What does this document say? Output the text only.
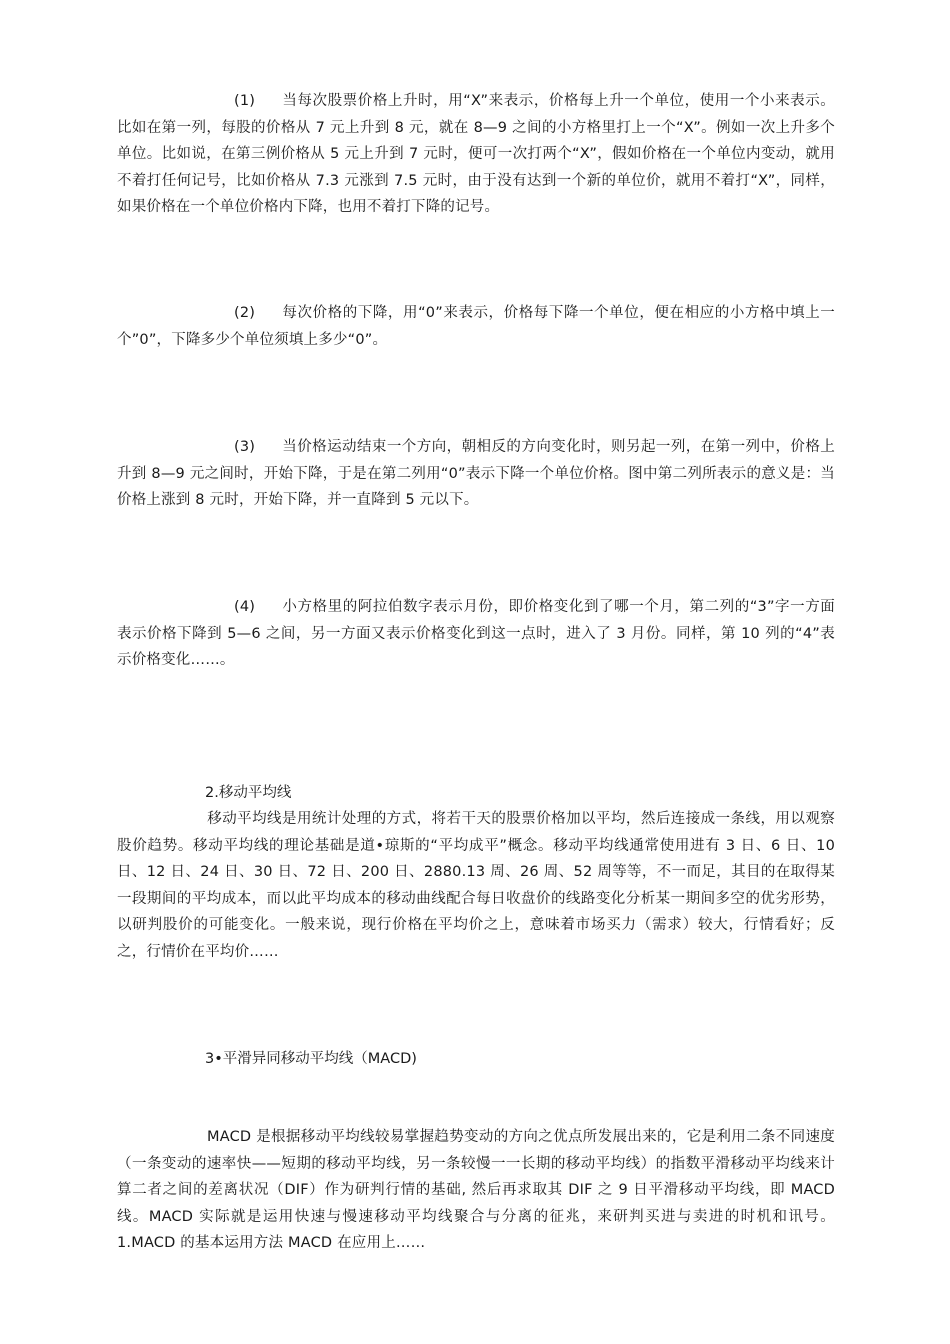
(1) 当每次股票价格上升时，用“X”来表示，价格每上升一个单位，使用一个小来表示。比如在第一列，每股的价格从 7 元上升到 8 元，就在 8—9 之间的小方格里打上一个“X”。例如一次上升多个单位。比如说，在第三例价格从 5 元上升到 7 元时，便可一次打两个“X”，假如价格在一个单位内变动，就用不着打任何记号，比如价格从 7.3 元涨到 7.5 元时，由于没有达到一个新的单位价，就用不着打“X”，同样，如果价格在一个单位价格内下降，也用不着打下降的记号。

(2) 每次价格的下降，用“0”来表示，价格每下降一个单位，便在相应的小方格中填上一个”0”，下降多少个单位须填上多少“0”。

(3) 当价格运动结束一个方向，朝相反的方向变化时，则另起一列，在第一列中，价格上升到 8—9 元之间时，开始下降，于是在第二列用“0”表示下降一个单位价格。图中第二列所表示的意义是：当价格上涨到 8 元时，开始下降，并一直降到 5 元以下。

(4) 小方格里的阿拉伯数字表示月份，即价格变化到了哪一个月，第二列的“3”字一方面表示价格下降到 5—6 之间，另一方面又表示价格变化到这一点时，进入了 3 月份。同样，第 10 列的“4”表示价格变化……。

2.移动平均线

移动平均线是用统计处理的方式，将若干天的股票价格加以平均，然后连接成一条线，用以观察股价趋势。移动平均线的理论基础是道•琼斯的“平均成平”概念。移动平均线通常使用进有 3 日、6 日、10 日、12 日、24 日、30 日、72 日、200 日、2880.13 周、26 周、52 周等等，不一而足，其目的在取得某一段期间的平均成本，而以此平均成本的移动曲线配合每日收盘价的线路变化分析某一期间多空的优劣形势，以研判股价的可能变化。一般来说，现行价格在平均价之上，意味着市场买力（需求）较大，行情看好；反之，行情价在平均价……

3•平滑异同移动平均线（MACD)

MACD 是根据移动平均线较易掌握趋势变动的方向之优点所发展出来的，它是利用二条不同速度（一条变动的速率快——短期的移动平均线，另一条较慢一一长期的移动平均线）的指数平滑移动平均线来计算二者之间的差离状况（DIF）作为研判行情的基础, 然后再求取其 DIF 之 9 日平滑移动平均线，即 MACD 线。MACD 实际就是运用快速与慢速移动平均线聚合与分离的征兆，来研判买进与卖进的时机和讯号。1.MACD 的基本运用方法 MACD 在应用上……
